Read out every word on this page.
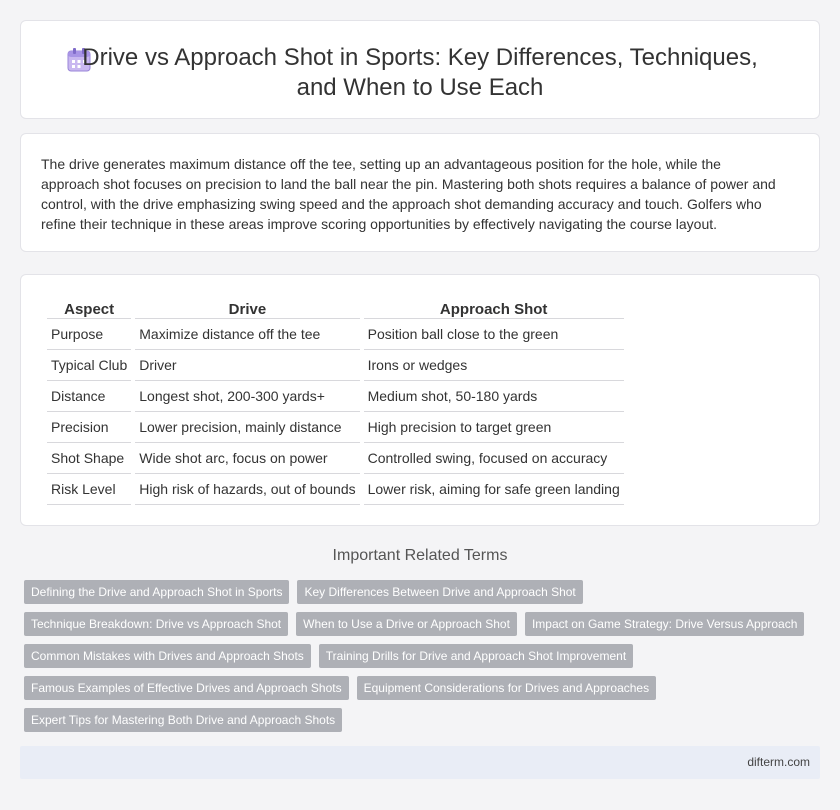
Drive vs Approach Shot in Sports: Key Differences, Techniques,
and When to Use Each
The drive generates maximum distance off the tee, setting up an advantageous position for the hole, while the
approach shot focuses on precision to land the ball near the pin. Mastering both shots requires a balance of power and
control, with the drive emphasizing swing speed and the approach shot demanding accuracy and touch. Golfers who
refine their technique in these areas improve scoring opportunities by effectively navigating the course layout.
Aspect	Drive	Approach Shot
Purpose	Maximize distance off the tee	Position ball close to the green
Typical Club	Driver	Irons or wedges
Distance	Longest shot, 200-300 yards+	Medium shot, 50-180 yards
Precision	Lower precision, mainly distance	High precision to target green
Shot Shape	Wide shot arc, focus on power	Controlled swing, focused on accuracy
Risk Level	High risk of hazards, out of bounds	Lower risk, aiming for safe green landing
Important Related Terms
Defining the Drive and Approach Shot in Sports	Key Differences Between Drive and Approach Shot
Technique Breakdown: Drive vs Approach Shot	When to Use a Drive or Approach Shot	Impact on Game Strategy: Drive Versus Approach
Common Mistakes with Drives and Approach Shots	Training Drills for Drive and Approach Shot Improvement
Famous Examples of Effective Drives and Approach Shots	Equipment Considerations for Drives and Approaches
Expert Tips for Mastering Both Drive and Approach Shots
difterm.com
